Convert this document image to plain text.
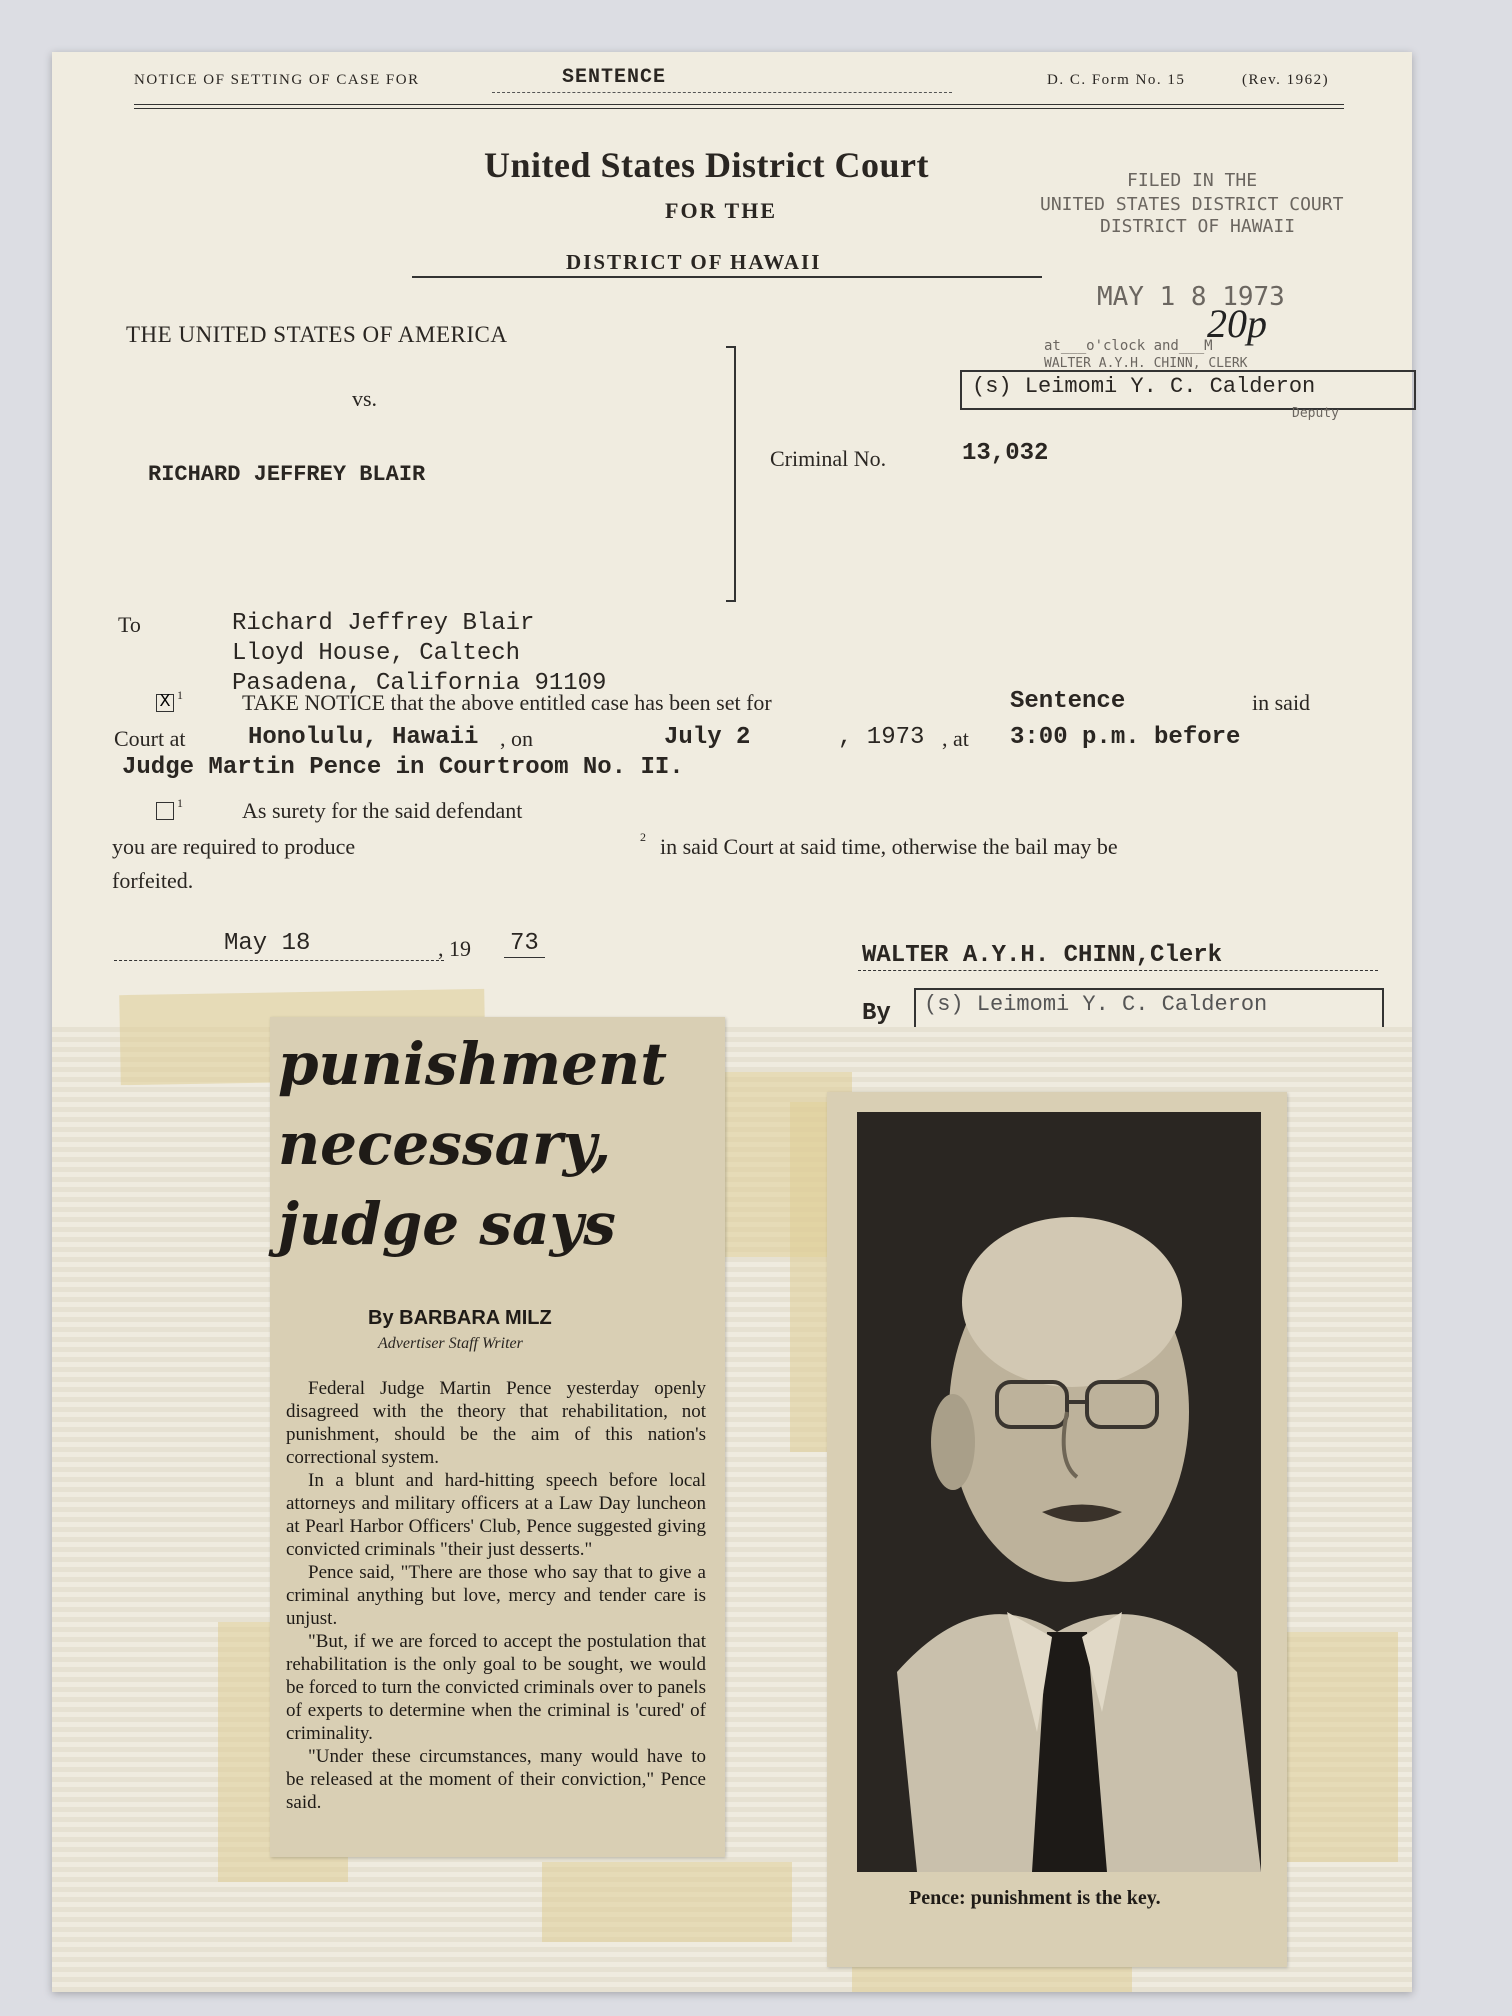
NOTICE OF SETTING OF CASE FOR	SENTENCE	D. C. Form No. 15	(Rev. 1962)
United States District Court
FOR THE
DISTRICT OF HAWAII
FILED IN THE
UNITED STATES DISTRICT COURT
DISTRICT OF HAWAII
MAY 1 8 1973
20p
at___o'clock and___M
WALTER A.Y.H. CHINN, CLERK
(s) Leimomi Y. C. Calderon
Deputy
THE UNITED STATES OF AMERICA
vs.
RICHARD JEFFREY BLAIR
Criminal No.	13,032
To	Richard Jeffrey Blair
Lloyd House, Caltech
Pasadena, California 91109
X 1	TAKE NOTICE that the above entitled case has been set for	Sentence	in said
Court at	Honolulu, Hawaii , on	July 2	, 1973 , at 3:00 p.m. before
Judge Martin Pence in Courtroom No. II.
1	As surety for the said defendant
you are required to produce	2 in said Court at said time, otherwise the bail may be
forfeited.
May 18	, 19 73	WALTER A.Y.H. CHINN,Clerk
By (s) Leimomi Y. C. Calderon
punishment
necessary,
judge says
By BARBARA MILZ
Advertiser Staff Writer

Federal Judge Martin Pence yesterday openly disagreed with the theory that rehabilitation, not punishment, should be the aim of this nation's correctional system.

In a blunt and hard-hitting speech before local attorneys and military officers at a Law Day luncheon at Pearl Harbor Officers' Club, Pence suggested giving convicted criminals "their just desserts."

Pence said, "There are those who say that to give a criminal anything but love, mercy and tender care is unjust.

"But, if we are forced to accept the postulation that rehabilitation is the only goal to be sought, we would be forced to turn the convicted criminals over to panels of experts to determine when the criminal is 'cured' of criminality.

"Under these circumstances, many would have to be released at the moment of their conviction," Pence said.

Pence: punishment is the key.
